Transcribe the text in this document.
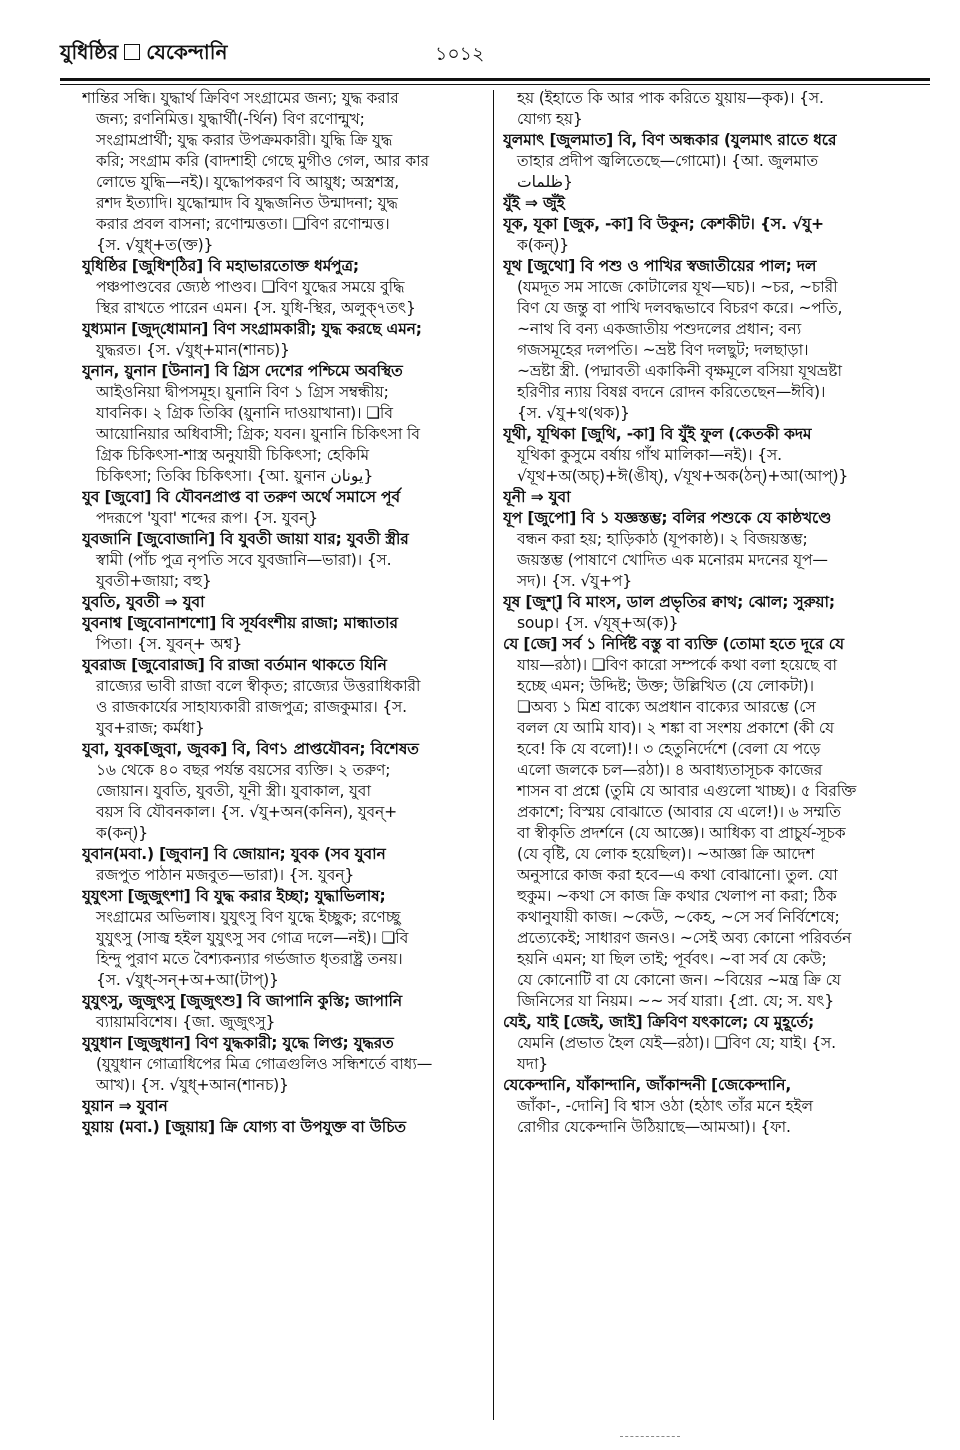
যুধিষ্ঠির যেকেন্দানি	১০১২
শান্তির সন্ধি। যুদ্ধার্থ ক্রিবিণ সংগ্রামের জন্য; যুদ্ধ করার
জন্য; রণনিমিত্ত। যুদ্ধার্থী(-র্থিন) বিণ রণোন্মুখ;
সংগ্রামপ্রার্থী; যুদ্ধ করার উপক্রমকারী। যুদ্ধি ক্রি যুদ্ধ
করি; সংগ্রাম করি (বাদশাহী গেছে মুগীও গেল, আর কার
লোভে যুদ্ধি—নই)। যুদ্ধোপকরণ বি আয়ুধ; অস্ত্রশস্ত্র,
রশদ ইত্যাদি। যুদ্ধোন্মাদ বি যুদ্ধজনিত উন্মাদনা; যুদ্ধ
করার প্রবল বাসনা; রণোন্মত্ততা। ❏বিণ রণোন্মত্ত।
{স. √যুধ্+ত(ক্ত)}
যুধিষ্ঠির [জুধিশ্‌ঠির] বি মহাভারতোক্ত ধর্মপুত্র;
পঞ্চপাণ্ডবের জ্যেষ্ঠ পাণ্ডব। ❏বিণ যুদ্ধের সময়ে বুদ্ধি
স্থির রাখতে পারেন এমন। {স. যুধি-স্থির, অলুক্‌৭তৎ}
যুধ্যমান [জুদ্‌ধোমান] বিণ সংগ্রামকারী; যুদ্ধ করছে এমন;
যুদ্ধরত। {স. √যুধ্+মান(শানচ)}
যুনান, য়ুনান [উনান] বি গ্রিস দেশের পশ্চিমে অবস্থিত
আইওনিয়া দ্বীপসমূহ। য়ুনানি বিণ ১ গ্রিস সম্বন্ধীয়;
যাবনিক। ২ গ্রিক তিব্বি (য়ুনানি দাওয়াখানা)। ❏বি
আয়োনিয়ার অধিবাসী; গ্রিক; যবন। য়ুনানি চিকিৎসা বি
গ্রিক চিকিৎসা-শাস্ত্র অনুযায়ী চিকিৎসা; হেকিমি
চিকিৎসা; তিব্বি চিকিৎসা। {আ. য়ুনান یونان}
যুব [জুবো] বি যৌবনপ্রাপ্ত বা তরুণ অর্থে সমাসে পূর্ব
পদরূপে 'যুবা' শব্দের রূপ। {স. যুবন্‌}
যুবজানি [জুবোজানি] বি যুবতী জায়া যার; যুবতী স্ত্রীর
স্বামী (পাঁচ পুত্র নৃপতি সবে যুবজানি—ভারা)। {স.
যুবতী+জায়া; বহু}
যুবতি, যুবতী ⇒ যুবা
যুবনাশ্ব [জুবোনাশশো] বি সূর্যবংশীয় রাজা; মান্ধাতার
পিতা। {স. যুবন্‌+ অশ্ব}
যুবরাজ [জুবোরাজ] বি রাজা বর্তমান থাকতে যিনি
রাজ্যের ভাবী রাজা বলে স্বীকৃত; রাজ্যের উত্তরাধিকারী
ও রাজকার্যের সাহায্যকারী রাজপুত্র; রাজকুমার। {স.
যুব+রাজ; কর্মধা}
যুবা, যুবক[জুবা, জুবক] বি, বিণ১ প্রাপ্তযৌবন; বিশেষত
১৬ থেকে ৪০ বছর পর্যন্ত বয়সের ব্যক্তি। ২ তরুণ;
জোয়ান। যুবতি, যুবতী, যূনী স্ত্রী। যুবাকাল, যুবা
বয়স বি যৌবনকাল। {স. √যু+অন(কনিন), যুবন্‌+
ক(কন্‌)}
যুবান(মবা.) [জুবান] বি জোয়ান; যুবক (সব যুবান
রজপুত পাঠান মজবুত—ভারা)। {স. যুবন্‌}
যুযুৎসা [জুজুৎশা] বি যুদ্ধ করার ইচ্ছা; যুদ্ধাভিলাষ;
সংগ্রামের অভিলাষ। যুযুৎসু বিণ যুদ্ধে ইচ্ছুক; রণেচ্ছু
যুযুৎসু (সাজ্ব হইল যুযুৎসু সব গোত্র দলে—নই)। ❏বি
হিন্দু পুরাণ মতে বৈশ্যকন্যার গর্ভজাত ধৃতরাষ্ট্র তনয়।
{স. √যুধ্‌-সন্‌+অ+আ(টাপ্‌)}
যুযুৎসু, জুজুৎসু [জুজুৎশু] বি জাপানি কুস্তি; জাপানি
ব্যায়ামবিশেষ। {জা. জুজুৎসু}
যুযুধান [জুজুধান] বিণ যুদ্ধকারী; যুদ্ধে লিপ্ত; যুদ্ধরত
(যুযুধান গোত্রাধিপের মিত্র গোত্রগুলিও সন্ধিশর্তে বাধ্য—
আখ)। {স. √যুধ্‌+আন(শানচ)}
যুয়ান ⇒ যুবান
যুয়ায় (মবা.) [জুয়ায়] ক্রি যোগ্য বা উপযুক্ত বা উচিত
হয় (ইহাতে কি আর পাক করিতে যুয়ায়—কৃক)। {স.
যোগ্য হয়}
যুলমাৎ [জুলমাত] বি, বিণ অন্ধকার (যুলমাৎ রাতে ধরে
তাহার প্রদীপ জ্বলিতেছে—গোমো)। {আ. জুলমাত
ظلمات}
যুঁই ⇒ জুঁই
যূক, যূকা [জুক, -কা] বি উকুন; কেশকীট। {স. √যু+
ক(কন্‌)}
যূথ [জুথো] বি পশু ও পাখির স্বজাতীয়ের পাল; দল
(যমদূত সম সাজে কোটালের যূথ—ঘচ)। ~চর, ~চারী
বিণ যে জন্তু বা পাখি দলবদ্ধভাবে বিচরণ করে। ~পতি,
~নাথ বি বন্য একজাতীয় পশুদলের প্রধান; বন্য
গজসমূহের দলপতি। ~ভ্রষ্ট বিণ দলছুট; দলছাড়া।
~ভ্রষ্টা স্ত্রী. (পদ্মাবতী একাকিনী বৃক্ষমূলে বসিয়া যূথভ্রষ্টা
হরিণীর ন্যায় বিষণ্ণ বদনে রোদন করিতেছেন—ঈবি)।
{স. √যু+থ(থক)}
যূথী, যূথিকা [জুথি, -কা] বি যুঁই ফুল (কেতকী কদম
যূথিকা কুসুমে বর্ষায় গাঁথ মালিকা—নই)। {স.
√যূথ+অ(অচ্‌)+ঈ(ঙীষ্‌), √যূথ+অক(ঠন্‌)+আ(আপ্‌)}
যূনী ⇒ যুবা
যূপ [জুপো] বি ১ যজ্ঞস্তম্ভ; বলির পশুকে যে কাষ্ঠখণ্ডে
বন্ধন করা হয়; হাড়িকাঠ (যূপকাষ্ঠ)। ২ বিজয়স্তম্ভ;
জয়স্তম্ভ (পাষাণে খোদিত এক মনোরম মদনের যূপ—
সদ)। {স. √যু+প}
যূষ [জুশ্‌] বি মাংস, ডাল প্রভৃতির ক্বাথ; ঝোল; সুরুয়া;
soup। {স. √যূষ্‌+অ(ক)}
যে [জে] সর্ব ১ নির্দিষ্ট বস্তু বা ব্যক্তি (তোমা হতে দূরে যে
যায়—রঠা)। ❏বিণ কারো সম্পর্কে কথা বলা হয়েছে বা
হচ্ছে এমন; উদ্দিষ্ট; উক্ত; উল্লিখিত (যে লোকটা)।
❏অব্য ১ মিশ্র বাক্যে অপ্রধান বাক্যের আরম্ভে (সে
বলল যে আমি যাব)। ২ শঙ্কা বা সংশয় প্রকাশে (কী যে
হবে! কি যে বলো)!। ৩ হেতুনির্দেশে (বেলা যে পড়ে
এলো জলকে চল—রঠা)। ৪ অবাধ্যতাসূচক কাজের
শাসন বা প্রশ্নে (তুমি যে আবার এগুলো খাচ্ছ)। ৫ বিরক্তি
প্রকাশে; বিস্ময় বোঝাতে (আবার যে এলে!)। ৬ সম্মতি
বা স্বীকৃতি প্রদর্শনে (যে আজ্ঞে)। আধিক্য বা প্রাচুর্য-সূচক
(যে বৃষ্টি, যে লোক হয়েছিল)। ~আজ্ঞা ক্রি আদেশ
অনুসারে কাজ করা হবে—এ কথা বোঝানো। তুল. যো
হুকুম। ~কথা সে কাজ ক্রি কথার খেলাপ না করা; ঠিক
কথানুযায়ী কাজ। ~কেউ, ~কেহ, ~সে সর্ব নির্বিশেষে;
প্রত্যেকেই; সাধারণ জনও। ~সেই অব্য কোনো পরিবর্তন
হয়নি এমন; যা ছিল তাই; পূর্ববৎ। ~বা সর্ব যে কেউ;
যে কোনোটি বা যে কোনো জন। ~বিয়ের ~মন্ত্র ক্রি যে
জিনিসের যা নিয়ম। ~~ সর্ব যারা। {প্রা. যে; স. যৎ}
যেই, যাই [জেই, জাই] ক্রিবিণ যৎকালে; যে মুহূর্তে;
যেমনি (প্রভাত হৈল যেই—রঠা)। ❏বিণ যে; যাই। {স.
যদা}
যেকেন্দানি, যাঁকান্দানি, জাঁকান্দনী [জেকেন্দানি,
জাঁকা-, -দোনি] বি শ্বাস ওঠা (হঠাৎ তাঁর মনে হইল
রোগীর যেকেন্দানি উঠিয়াছে—আমআ)। {ফা.
